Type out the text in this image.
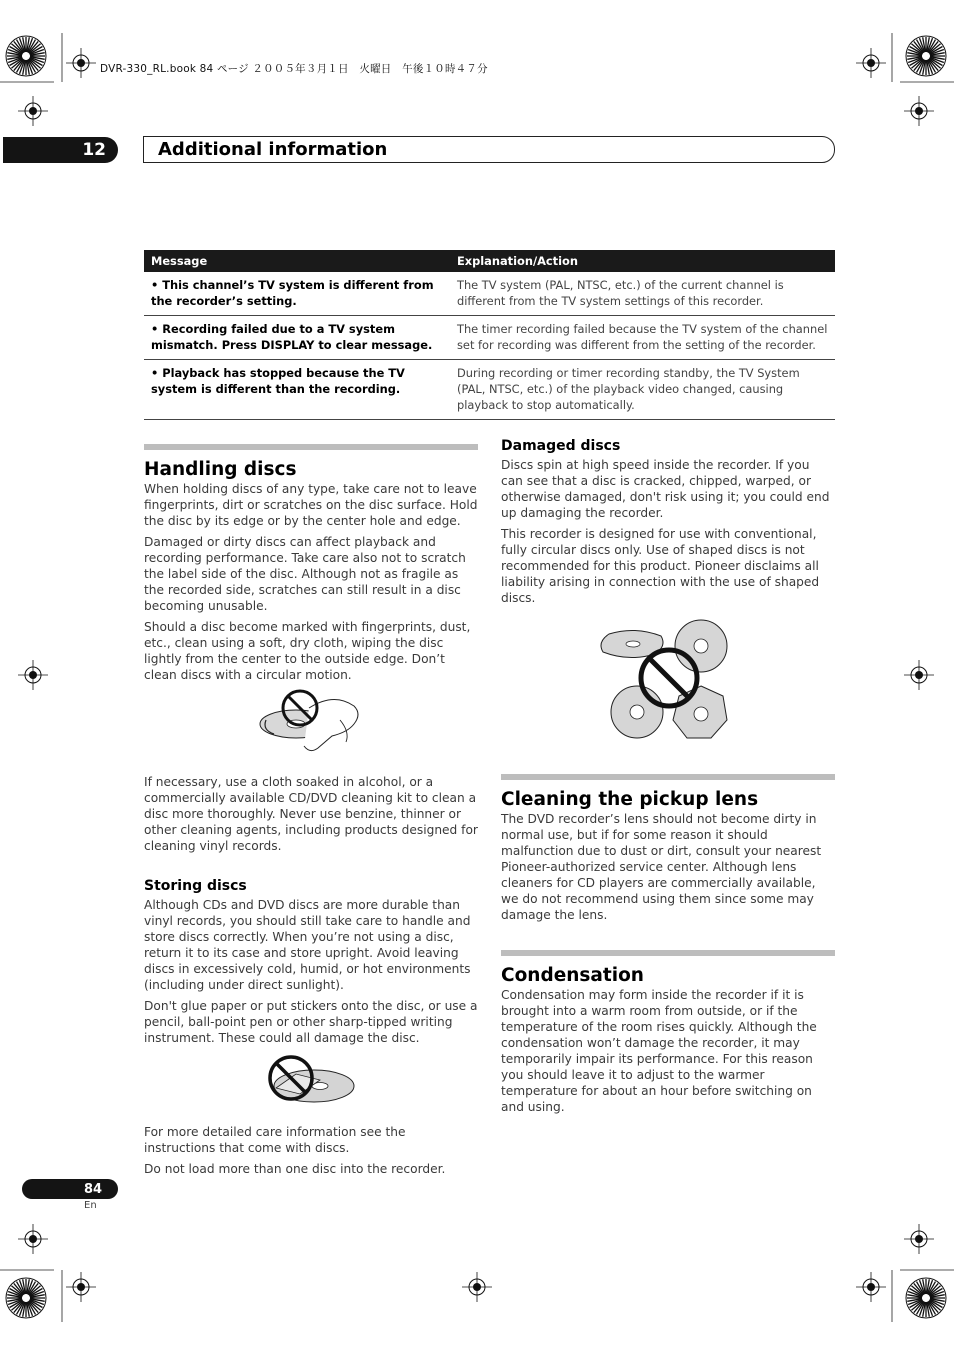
DVR-330_RL.book 84 ページ ２００５年３月１日　火曜日　午後１０時４７分
12	Additional information
Message	Explanation/Action
• This channel’s TV system is different from the recorder’s setting.	The TV system (PAL, NTSC, etc.) of the current channel is different from the TV system settings of this recorder.
• Recording failed due to a TV system mismatch. Press DISPLAY to clear message.	The timer recording failed because the TV system of the channel set for recording was different from the setting of the recorder.
• Playback has stopped because the TV system is different than the recording.	During recording or timer recording standby, the TV System (PAL, NTSC, etc.) of the playback video changed, causing playback to stop automatically.
Handling discs

When holding discs of any type, take care not to leave fingerprints, dirt or scratches on the disc surface. Hold the disc by its edge or by the center hole and edge.

Damaged or dirty discs can affect playback and recording performance. Take care also not to scratch the label side of the disc. Although not as fragile as the recorded side, scratches can still result in a disc becoming unusable.

Should a disc become marked with fingerprints, dust, etc., clean using a soft, dry cloth, wiping the disc lightly from the center to the outside edge. Don’t clean discs with a circular motion.

If necessary, use a cloth soaked in alcohol, or a commercially available CD/DVD cleaning kit to clean a disc more thoroughly. Never use benzine, thinner or other cleaning agents, including products designed for cleaning vinyl records.

Storing discs

Although CDs and DVD discs are more durable than vinyl records, you should still take care to handle and store discs correctly. When you’re not using a disc, return it to its case and store upright. Avoid leaving discs in excessively cold, humid, or hot environments (including under direct sunlight).

Don't glue paper or put stickers onto the disc, or use a pencil, ball-point pen or other sharp-tipped writing instrument. These could all damage the disc.

For more detailed care information see the instructions that come with discs.

Do not load more than one disc into the recorder.

Damaged discs

Discs spin at high speed inside the recorder. If you can see that a disc is cracked, chipped, warped, or otherwise damaged, don't risk using it; you could end up damaging the recorder.

This recorder is designed for use with conventional, fully circular discs only. Use of shaped discs is not recommended for this product. Pioneer disclaims all liability arising in connection with the use of shaped discs.

Cleaning the pickup lens

The DVD recorder’s lens should not become dirty in normal use, but if for some reason it should malfunction due to dust or dirt, consult your nearest Pioneer-authorized service center. Although lens cleaners for CD players are commercially available, we do not recommend using them since some may damage the lens.

Condensation

Condensation may form inside the recorder if it is brought into a warm room from outside, or if the temperature of the room rises quickly. Although the condensation won’t damage the recorder, it may temporarily impair its performance. For this reason you should leave it to adjust to the warmer temperature for about an hour before switching on and using.

84
En
